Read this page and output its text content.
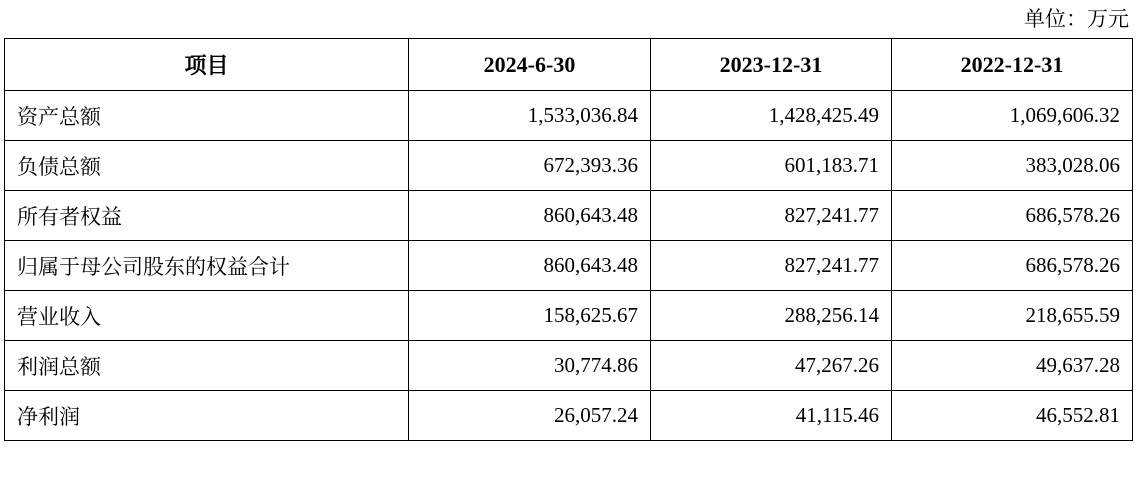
单位：万元
项目	2024-6-30	2023-12-31	2022-12-31
资产总额	1,533,036.84	1,428,425.49	1,069,606.32
负债总额	672,393.36	601,183.71	383,028.06
所有者权益	860,643.48	827,241.77	686,578.26
归属于母公司股东的权益合计	860,643.48	827,241.77	686,578.26
营业收入	158,625.67	288,256.14	218,655.59
利润总额	30,774.86	47,267.26	49,637.28
净利润	26,057.24	41,115.46	46,552.81
